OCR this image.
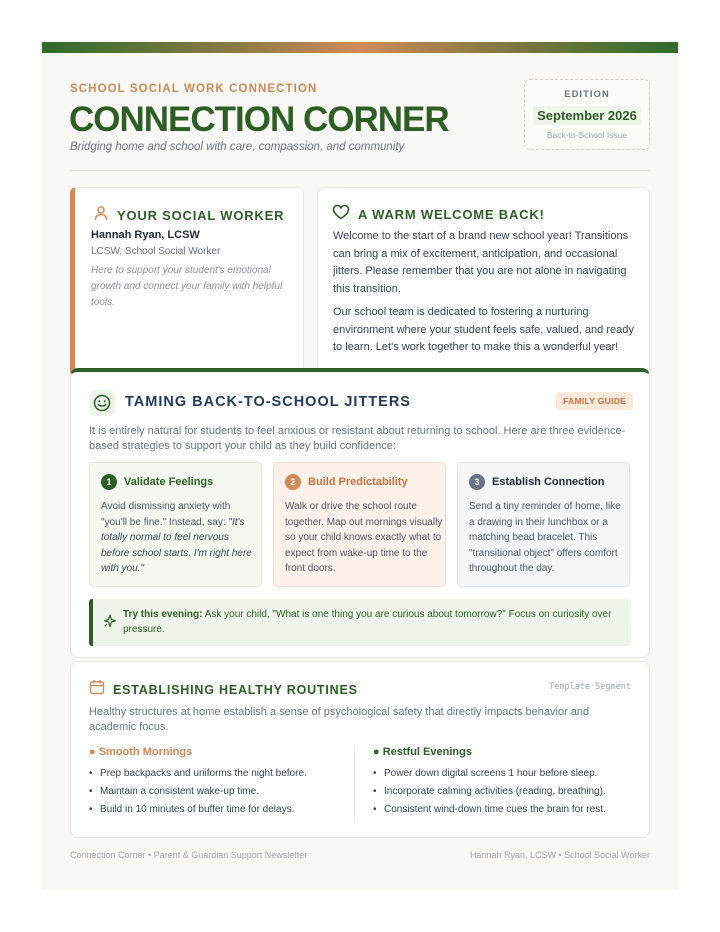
SCHOOL SOCIAL WORK CONNECTION
CONNECTION CORNER
Bridging home and school with care, compassion, and community
EDITION
September 2026
Back-to-School Issue
YOUR SOCIAL WORKER
Hannah Ryan, LCSW
LCSW, School Social Worker
Here to support your student's emotional growth and connect your family with helpful tools.
A WARM WELCOME BACK!

Welcome to the start of a brand new school year! Transitions can bring a mix of excitement, anticipation, and occasional jitters. Please remember that you are not alone in navigating this transition.

Our school team is dedicated to fostering a nurturing environment where your student feels safe, valued, and ready to learn. Let's work together to make this a wonderful year!

TAMING BACK-TO-SCHOOL JITTERS	FAMILY GUIDE

It is entirely natural for students to feel anxious or resistant about returning to school. Here are three evidence-based strategies to support your child as they build confidence:

1	Validate Feelings
Avoid dismissing anxiety with "you'll be fine." Instead, say: "It's totally normal to feel nervous before school starts. I'm right here with you."
2	Build Predictability
Walk or drive the school route together. Map out mornings visually so your child knows exactly what to expect from wake-up time to the front doors.
3	Establish Connection
Send a tiny reminder of home, like a drawing in their lunchbox or a matching bead bracelet. This "transitional object" offers comfort throughout the day.
Try this evening: Ask your child, "What is one thing you are curious about tomorrow?" Focus on curiosity over pressure.
ESTABLISHING HEALTHY ROUTINES	Template Segment

Healthy structures at home establish a sense of psychological safety that directly impacts behavior and academic focus.

● Smooth Mornings
• Prep backpacks and uniforms the night before.
• Maintain a consistent wake-up time.
• Build in 10 minutes of buffer time for delays.
● Restful Evenings
• Power down digital screens 1 hour before sleep.
• Incorporate calming activities (reading, breathing).
• Consistent wind-down time cues the brain for rest.
Connection Corner • Parent & Guardian Support Newsletter	Hannah Ryan, LCSW • School Social Worker
